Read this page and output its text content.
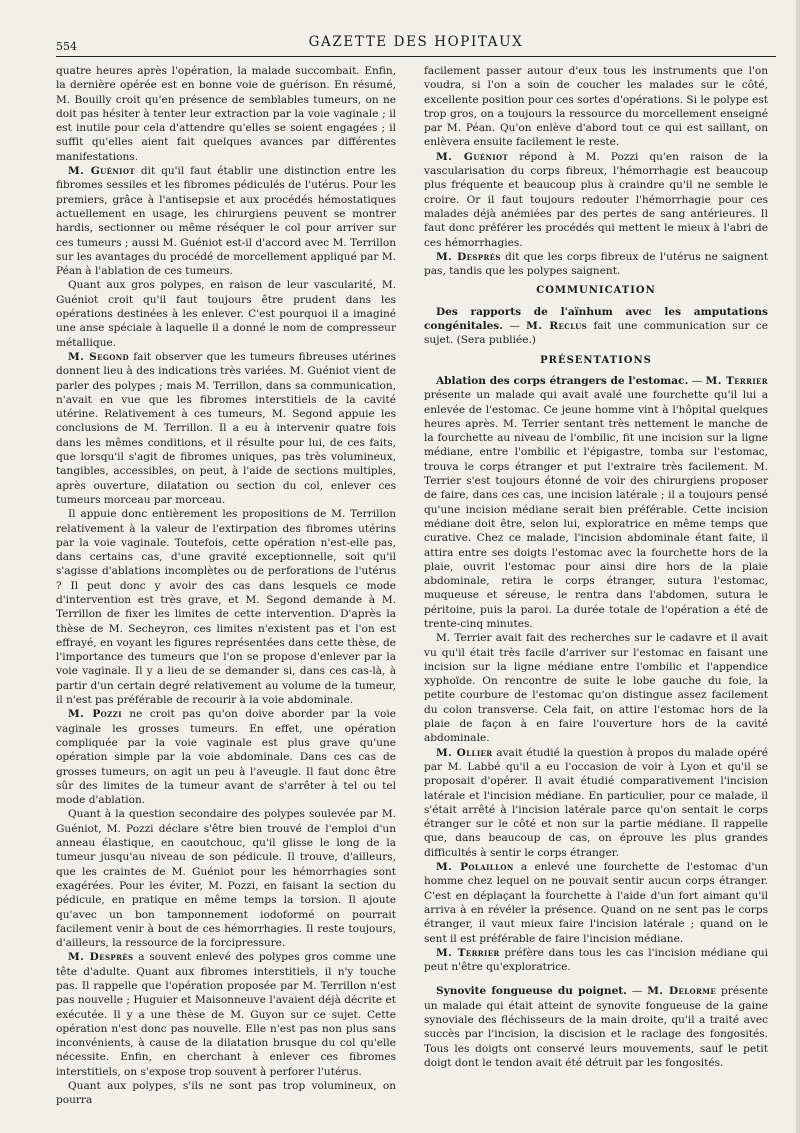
554	GAZETTE DES HOPITAUX

quatre heures après l'opération, la malade succombait. Enfin, la dernière opérée est en bonne voie de guérison. En résumé, M. Bouilly croit qu'en présence de semblables tumeurs, on ne doit pas hésiter à tenter leur extraction par la voie vaginale ; il est inutile pour cela d'attendre qu'elles se soient engagées ; il suffit qu'elles aient fait quelques avances par différentes manifestations.

M. Guéniot dit qu'il faut établir une distinction entre les fibromes sessiles et les fibromes pédiculés de l'utérus. Pour les premiers, grâce à l'antisepsie et aux procédés hémostatiques actuellement en usage, les chirurgiens peuvent se montrer hardis, sectionner ou même réséquer le col pour arriver sur ces tumeurs ; aussi M. Guéniot est-il d'accord avec M. Terrillon sur les avantages du procédé de morcellement appliqué par M. Péan à l'ablation de ces tumeurs.

Quant aux gros polypes, en raison de leur vascularité, M. Guéniot croit qu'il faut toujours être prudent dans les opérations destinées à les enlever. C'est pourquoi il a imaginé une anse spéciale à laquelle il a donné le nom de compresseur métallique.

M. Segond fait observer que les tumeurs fibreuses utérines donnent lieu à des indications très variées. M. Guéniot vient de parler des polypes ; mais M. Terrillon, dans sa communication, n'avait en vue que les fibromes interstitiels de la cavité utérine. Relativement à ces tumeurs, M. Segond appuie les conclusions de M. Terrillon. Il a eu à intervenir quatre fois dans les mêmes conditions, et il résulte pour lui, de ces faits, que lorsqu'il s'agit de fibromes uniques, pas très volumineux, tangibles, accessibles, on peut, à l'aide de sections multiples, après ouverture, dilatation ou section du col, enlever ces tumeurs morceau par morceau.

Il appuie donc entièrement les propositions de M. Terrillon relativement à la valeur de l'extirpation des fibromes utérins par la voie vaginale. Toutefois, cette opération n'est-elle pas, dans certains cas, d'une gravité exceptionnelle, soit qu'il s'agisse d'ablations incomplètes ou de perforations de l'utérus ? Il peut donc y avoir des cas dans lesquels ce mode d'intervention est très grave, et M. Segond demande à M. Terrillon de fixer les limites de cette intervention. D'après la thèse de M. Secheyron, ces limites n'existent pas et l'on est effrayé, en voyant les figures représentées dans cette thèse, de l'importance des tumeurs que l'on se propose d'enlever par la voie vaginale. Il y a lieu de se demander si, dans ces cas-là, à partir d'un certain degré relativement au volume de la tumeur, il n'est pas préférable de recourir à la voie abdominale.

M. Pozzi ne croit pas qu'on doive aborder par la voie vaginale les grosses tumeurs. En effet, une opération compliquée par la voie vaginale est plus grave qu'une opération simple par la voie abdominale. Dans ces cas de grosses tumeurs, on agit un peu à l'aveugle. Il faut donc être sûr des limites de la tumeur avant de s'arrêter à tel ou tel mode d'ablation.

Quant à la question secondaire des polypes soulevée par M. Guéniot, M. Pozzi déclare s'être bien trouvé de l'emploi d'un anneau élastique, en caoutchouc, qu'il glisse le long de la tumeur jusqu'au niveau de son pédicule. Il trouve, d'ailleurs, que les craintes de M. Guéniot pour les hémorrhagies sont exagérées. Pour les éviter, M. Pozzi, en faisant la section du pédicule, en pratique en même temps la torsion. Il ajoute qu'avec un bon tamponnement iodoformé on pourrait facilement venir à bout de ces hémorrhagies. Il reste toujours, d'ailleurs, la ressource de la forcipressure.

M. Desprès a souvent enlevé des polypes gros comme une tête d'adulte. Quant aux fibromes interstitiels, il n'y touche pas. Il rappelle que l'opération proposée par M. Terrillon n'est pas nouvelle ; Huguier et Maisonneuve l'avaient déjà décrite et exécutée. Il y a une thèse de M. Guyon sur ce sujet. Cette opération n'est donc pas nouvelle. Elle n'est pas non plus sans inconvénients, à cause de la dilatation brusque du col qu'elle nécessite. Enfin, en cherchant à enlever ces fibromes interstitiels, on s'expose trop souvent à perforer l'utérus.

Quant aux polypes, s'ils ne sont pas trop volumineux, on pourra

facilement passer autour d'eux tous les instruments que l'on voudra, si l'on a soin de coucher les malades sur le côté, excellente position pour ces sortes d'opérations. Si le polype est trop gros, on a toujours la ressource du morcellement enseigné par M. Péan. Qu'on enlève d'abord tout ce qui est saillant, on enlèvera ensuite facilement le reste.

M. Guéniot répond à M. Pozzi qu'en raison de la vascularisation du corps fibreux, l'hémorrhagie est beaucoup plus fréquente et beaucoup plus à craindre qu'il ne semble le croire. Or il faut toujours redouter l'hémorrhagie pour ces malades déjà anémiées par des pertes de sang antérieures. Il faut donc préférer les procédés qui mettent le mieux à l'abri de ces hémorrhagies.

M. Desprès dit que les corps fibreux de l'utérus ne saignent pas, tandis que les polypes saignent.

COMMUNICATION

Des rapports de l'aïnhum avec les amputations congénitales. — M. Reclus fait une communication sur ce sujet. (Sera publiée.)

PRÉSENTATIONS

Ablation des corps étrangers de l'estomac. — M. Terrier présente un malade qui avait avalé une fourchette qu'il lui a enlevée de l'estomac. Ce jeune homme vint à l'hôpital quelques heures après. M. Terrier sentant très nettement le manche de la fourchette au niveau de l'ombilic, fit une incision sur la ligne médiane, entre l'ombilic et l'épigastre, tomba sur l'estomac, trouva le corps étranger et put l'extraire très facilement. M. Terrier s'est toujours étonné de voir des chirurgiens proposer de faire, dans ces cas, une incision latérale ; il a toujours pensé qu'une incision médiane serait bien préférable. Cette incision médiane doit être, selon lui, exploratrice en même temps que curative. Chez ce malade, l'incision abdominale étant faite, il attira entre ses doigts l'estomac avec la fourchette hors de la plaie, ouvrit l'estomac pour ainsi dire hors de la plaie abdominale, retira le corps étranger, sutura l'estomac, muqueuse et séreuse, le rentra dans l'abdomen, sutura le péritoine, puis la paroi. La durée totale de l'opération a été de trente-cinq minutes.

M. Terrier avait fait des recherches sur le cadavre et il avait vu qu'il était très facile d'arriver sur l'estomac en faisant une incision sur la ligne médiane entre l'ombilic et l'appendice xyphoïde. On rencontre de suite le lobe gauche du foie, la petite courbure de l'estomac qu'on distingue assez facilement du colon transverse. Cela fait, on attire l'estomac hors de la plaie de façon à en faire l'ouverture hors de la cavité abdominale.

M. Ollier avait étudié la question à propos du malade opéré par M. Labbé qu'il a eu l'occasion de voir à Lyon et qu'il se proposait d'opérer. Il avait étudié comparativement l'incision latérale et l'incision médiane. En particulier, pour ce malade, il s'était arrêté à l'incision latérale parce qu'on sentait le corps étranger sur le côté et non sur la partie médiane. Il rappelle que, dans beaucoup de cas, on éprouve les plus grandes difficultés à sentir le corps étranger.

M. Polaillon a enlevé une fourchette de l'estomac d'un homme chez lequel on ne pouvait sentir aucun corps étranger. C'est en déplaçant la fourchette à l'aide d'un fort aimant qu'il arriva à en révéler la présence. Quand on ne sent pas le corps étranger, il vaut mieux faire l'incision latérale ; quand on le sent il est préférable de faire l'incision médiane.

M. Terrier préfère dans tous les cas l'incision médiane qui peut n'être qu'exploratrice.

Synovite fongueuse du poignet. — M. Delorme présente un malade qui était atteint de synovite fongueuse de la gaine synoviale des fléchisseurs de la main droite, qu'il a traité avec succès par l'incision, la discision et le raclage des fongosités. Tous les doigts ont conservé leurs mouvements, sauf le petit doigt dont le tendon avait été détruit par les fongosités.
